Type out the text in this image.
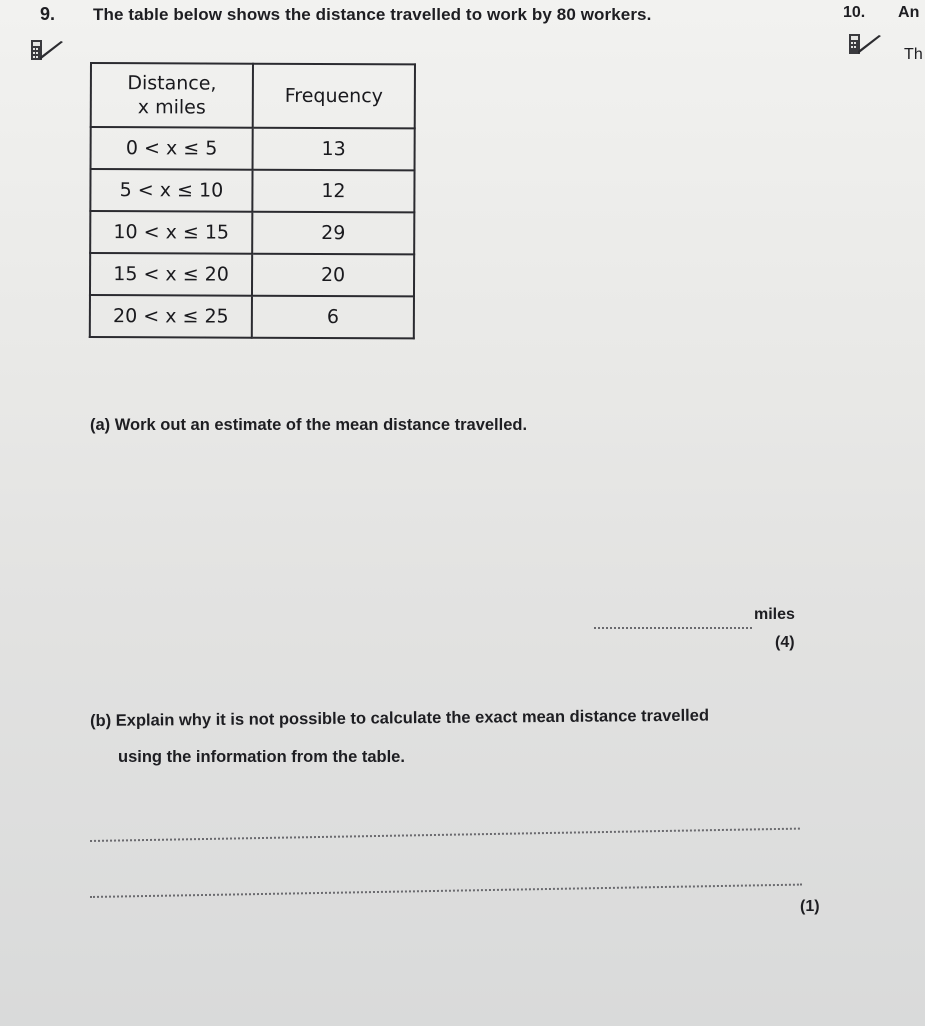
9. The table below shows the distance travelled to work by 80 workers.	10. An
Th
Distance,
x miles	Frequency
0 < x ≤ 5	13
5 < x ≤ 10	12
10 < x ≤ 15	29
15 < x ≤ 20	20
20 < x ≤ 25	6
(a) Work out an estimate of the mean distance travelled.
miles
(4)
(b) Explain why it is not possible to calculate the exact mean distance travelled
using the information from the table.
(1)
